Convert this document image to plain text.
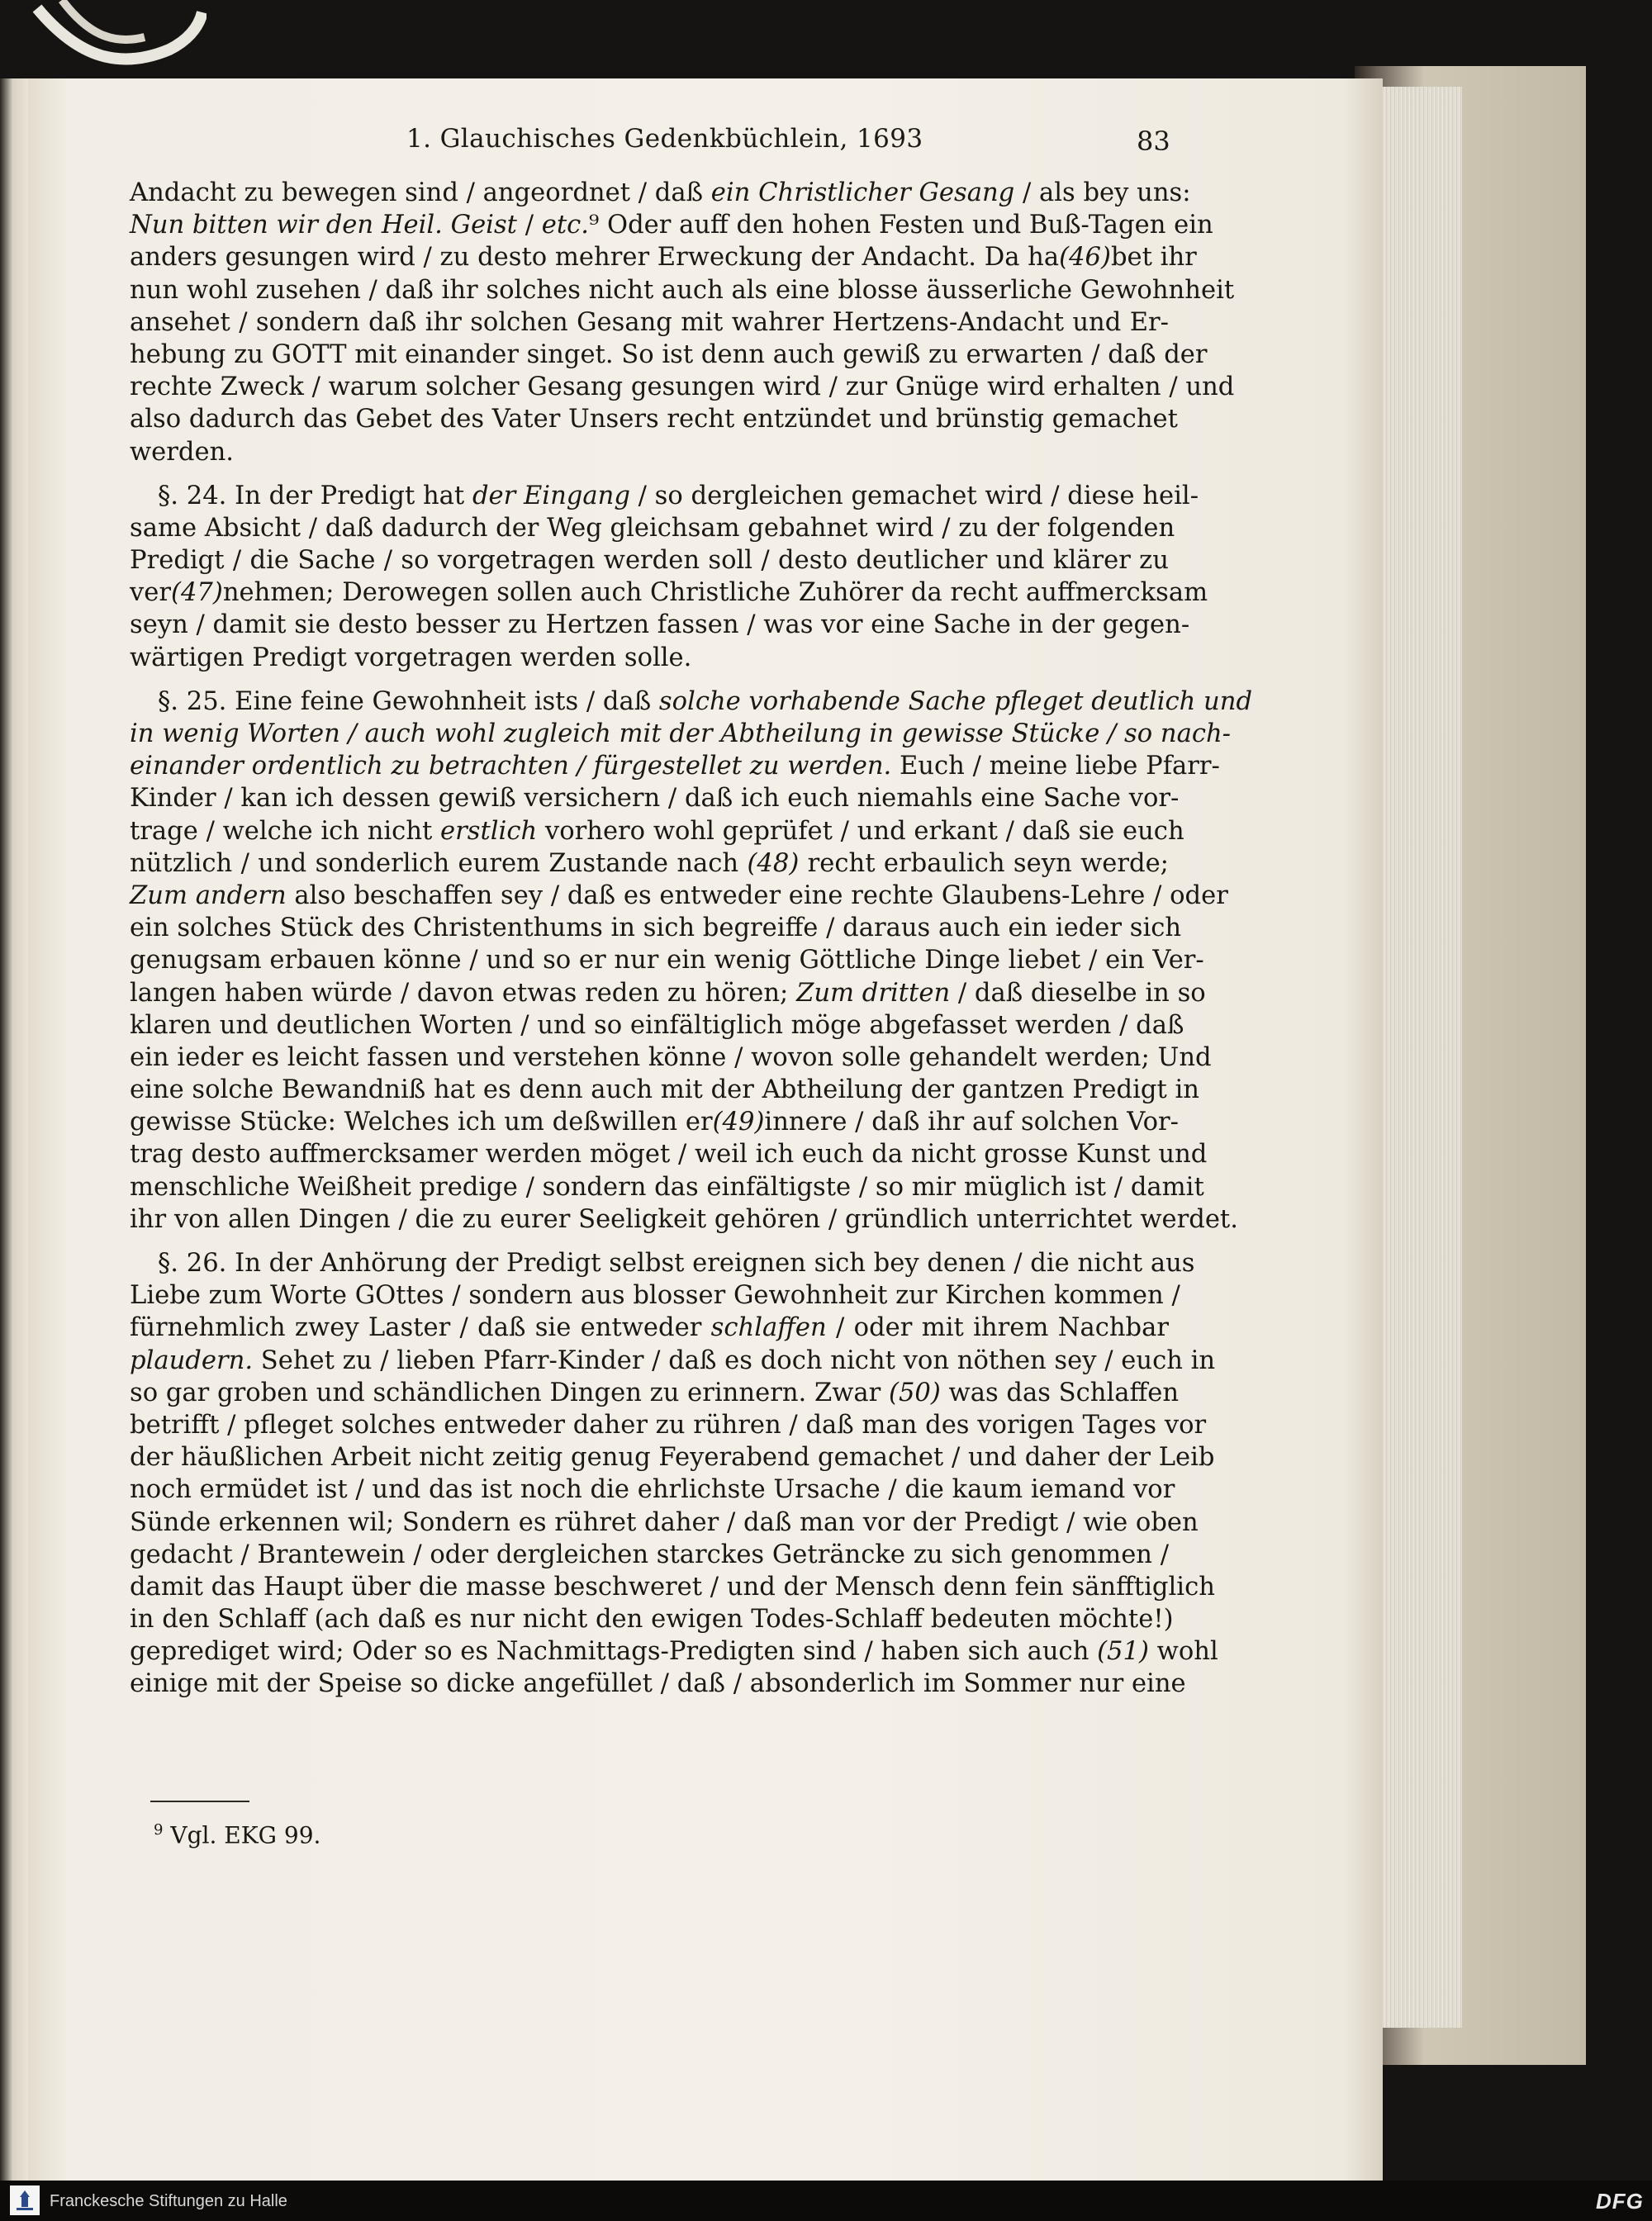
1. Glauchisches Gedenkbüchlein, 1693	83
Andacht zu bewegen sind / angeordnet / daß ein Christlicher Gesang / als bey uns:
Nun bitten wir den Heil. Geist / etc.⁹ Oder auff den hohen Festen und Buß-Tagen ein
anders gesungen wird / zu desto mehrer Erweckung der Andacht. Da ha(46)bet ihr
nun wohl zusehen / daß ihr solches nicht auch als eine blosse äusserliche Gewohnheit
ansehet / sondern daß ihr solchen Gesang mit wahrer Hertzens-Andacht und Er-
hebung zu GOTT mit einander singet. So ist denn auch gewiß zu erwarten / daß der
rechte Zweck / warum solcher Gesang gesungen wird / zur Gnüge wird erhalten / und
also dadurch das Gebet des Vater Unsers recht entzündet und brünstig gemachet
werden.
§. 24. In der Predigt hat der Eingang / so dergleichen gemachet wird / diese heil-
same Absicht / daß dadurch der Weg gleichsam gebahnet wird / zu der folgenden
Predigt / die Sache / so vorgetragen werden soll / desto deutlicher und klärer zu
ver(47)nehmen; Derowegen sollen auch Christliche Zuhörer da recht auffmercksam
seyn / damit sie desto besser zu Hertzen fassen / was vor eine Sache in der gegen-
wärtigen Predigt vorgetragen werden solle.
§. 25. Eine feine Gewohnheit ists / daß solche vorhabende Sache pfleget deutlich und
in wenig Worten / auch wohl zugleich mit der Abtheilung in gewisse Stücke / so nach-
einander ordentlich zu betrachten / fürgestellet zu werden. Euch / meine liebe Pfarr-
Kinder / kan ich dessen gewiß versichern / daß ich euch niemahls eine Sache vor-
trage / welche ich nicht erstlich vorhero wohl geprüfet / und erkant / daß sie euch
nützlich / und sonderlich eurem Zustande nach (48) recht erbaulich seyn werde;
Zum andern also beschaffen sey / daß es entweder eine rechte Glaubens-Lehre / oder
ein solches Stück des Christenthums in sich begreiffe / daraus auch ein ieder sich
genugsam erbauen könne / und so er nur ein wenig Göttliche Dinge liebet / ein Ver-
langen haben würde / davon etwas reden zu hören; Zum dritten / daß dieselbe in so
klaren und deutlichen Worten / und so einfältiglich möge abgefasset werden / daß
ein ieder es leicht fassen und verstehen könne / wovon solle gehandelt werden; Und
eine solche Bewandniß hat es denn auch mit der Abtheilung der gantzen Predigt in
gewisse Stücke: Welches ich um deßwillen er(49)innere / daß ihr auf solchen Vor-
trag desto auffmercksamer werden möget / weil ich euch da nicht grosse Kunst und
menschliche Weißheit predige / sondern das einfältigste / so mir müglich ist / damit
ihr von allen Dingen / die zu eurer Seeligkeit gehören / gründlich unterrichtet werdet.
§. 26. In der Anhörung der Predigt selbst ereignen sich bey denen / die nicht aus
Liebe zum Worte GOttes / sondern aus blosser Gewohnheit zur Kirchen kommen /
fürnehmlich zwey Laster / daß sie entweder schlaffen / oder mit ihrem Nachbar
plaudern. Sehet zu / lieben Pfarr-Kinder / daß es doch nicht von nöthen sey / euch in
so gar groben und schändlichen Dingen zu erinnern. Zwar (50) was das Schlaffen
betrifft / pfleget solches entweder daher zu rühren / daß man des vorigen Tages vor
der häußlichen Arbeit nicht zeitig genug Feyerabend gemachet / und daher der Leib
noch ermüdet ist / und das ist noch die ehrlichste Ursache / die kaum iemand vor
Sünde erkennen wil; Sondern es rühret daher / daß man vor der Predigt / wie oben
gedacht / Brantewein / oder dergleichen starckes Geträncke zu sich genommen /
damit das Haupt über die masse beschweret / und der Mensch denn fein sänfftiglich
in den Schlaff (ach daß es nur nicht den ewigen Todes-Schlaff bedeuten möchte!)
geprediget wird; Oder so es Nachmittags-Predigten sind / haben sich auch (51) wohl
einige mit der Speise so dicke angefüllet / daß / absonderlich im Sommer nur eine
$^9$ Vgl. EKG 99.
Franckesche Stiftungen zu Halle	DFG
